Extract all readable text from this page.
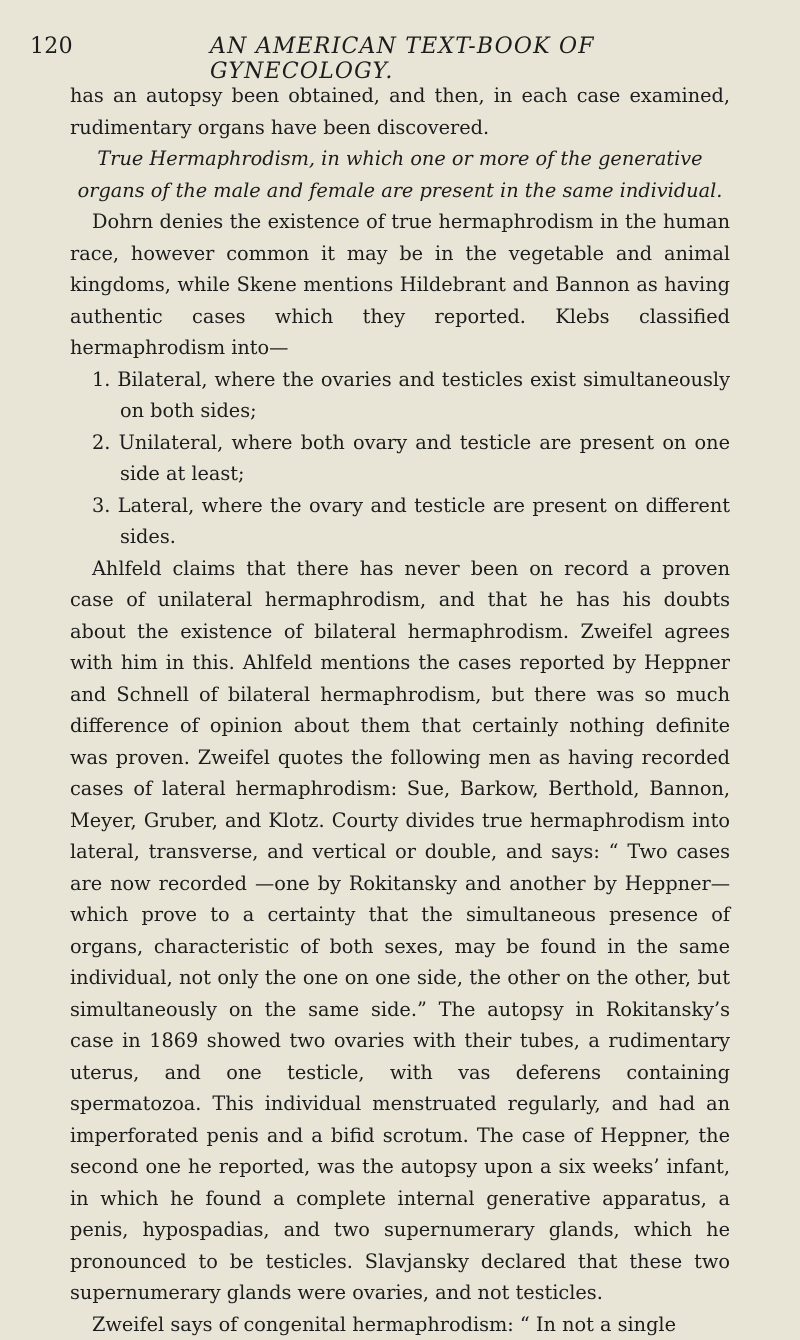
120	AN AMERICAN TEXT-BOOK OF GYNECOLOGY.

has an autopsy been obtained, and then, in each case examined, rudimentary organs have been discovered.

True Hermaphrodism, in which one or more of the generative organs of the male and female are present in the same individual.

Dohrn denies the existence of true hermaphrodism in the human race, however common it may be in the vegetable and animal kingdoms, while Skene mentions Hildebrant and Bannon as having authentic cases which they reported. Klebs classified hermaphrodism into—

1. Bilateral, where the ovaries and testicles exist simultaneously on both sides;

2. Unilateral, where both ovary and testicle are present on one side at least;

3. Lateral, where the ovary and testicle are present on different sides.

Ahlfeld claims that there has never been on record a proven case of unilateral hermaphrodism, and that he has his doubts about the existence of bilateral hermaphrodism. Zweifel agrees with him in this. Ahlfeld mentions the cases reported by Heppner and Schnell of bilateral hermaphrodism, but there was so much difference of opinion about them that certainly nothing definite was proven. Zweifel quotes the following men as having recorded cases of lateral hermaphrodism: Sue, Barkow, Berthold, Bannon, Meyer, Gruber, and Klotz. Courty divides true hermaphrodism into lateral, transverse, and vertical or double, and says: “ Two cases are now recorded —one by Rokitansky and another by Heppner—which prove to a certainty that the simultaneous presence of organs, characteristic of both sexes, may be found in the same individual, not only the one on one side, the other on the other, but simultaneously on the same side.” The autopsy in Rokitansky’s case in 1869 showed two ovaries with their tubes, a rudimentary uterus, and one testicle, with vas deferens containing spermatozoa. This individual menstruated regularly, and had an imperforated penis and a bifid scrotum. The case of Heppner, the second one he reported, was the autopsy upon a six weeks’ infant, in which he found a complete internal generative apparatus, a penis, hypospadias, and two supernumerary glands, which he pronounced to be testicles. Slavjansky declared that these two supernumerary glands were ovaries, and not testicles.

Zweifel says of congenital hermaphrodism: “ In not a single
